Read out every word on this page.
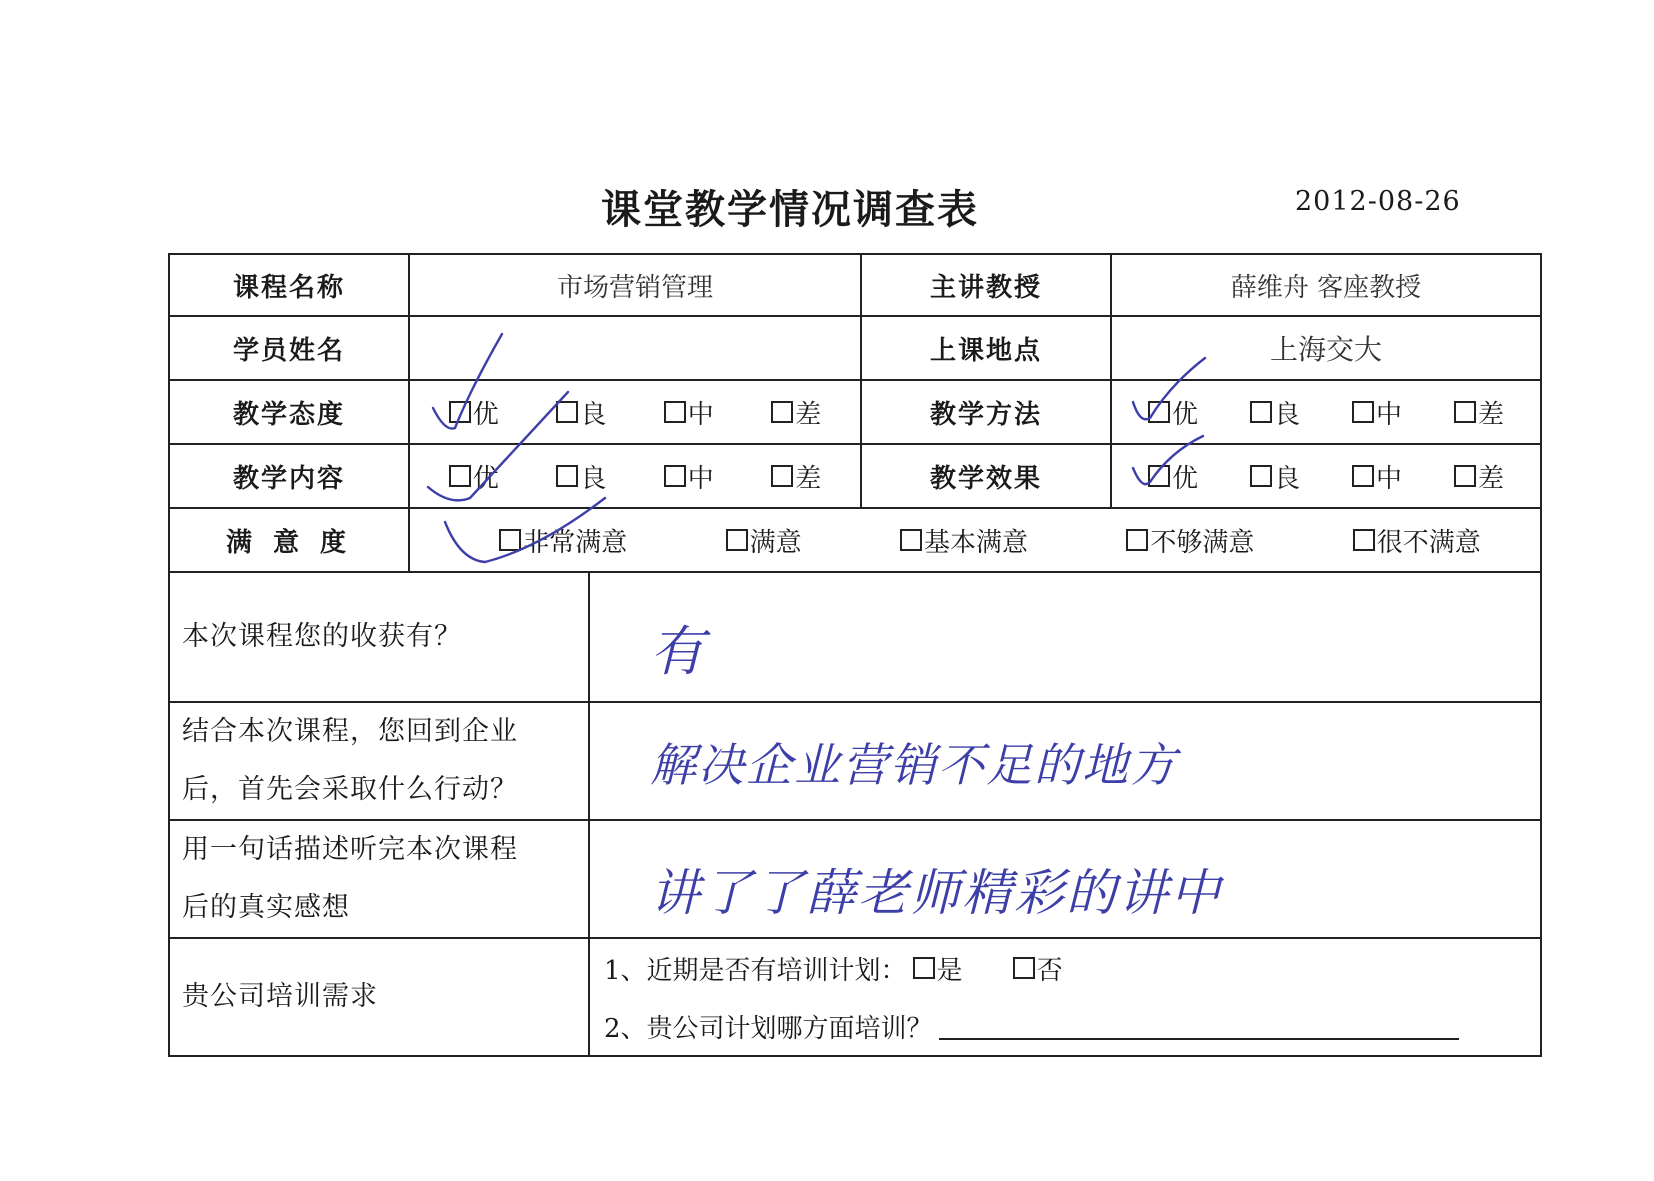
课堂教学情况调查表	2012-08-26
课程名称	市场营销管理		主讲教授	薛维舟 客座教授
学员姓名			上课地点	上海交大
教学态度	优 良 中 差		教学方法	优 良 中 差

教学内容	优 良 中 差		教学效果	优 良 中 差

满 意 度	非常满意 满意 基本满意 不够满意 很不满意			

本次课程您的收获有？		有		

结合本次课程，您回到企业
后，首先会采取什么行动？		解决企业营销不足的地方		

用一句话描述听完本次课程
后的真实感想		讲了了薛老师精彩的讲中		

贵公司培训需求		1、近期是否有培训计划： 是 否
2、贵公司计划哪方面培训？		
